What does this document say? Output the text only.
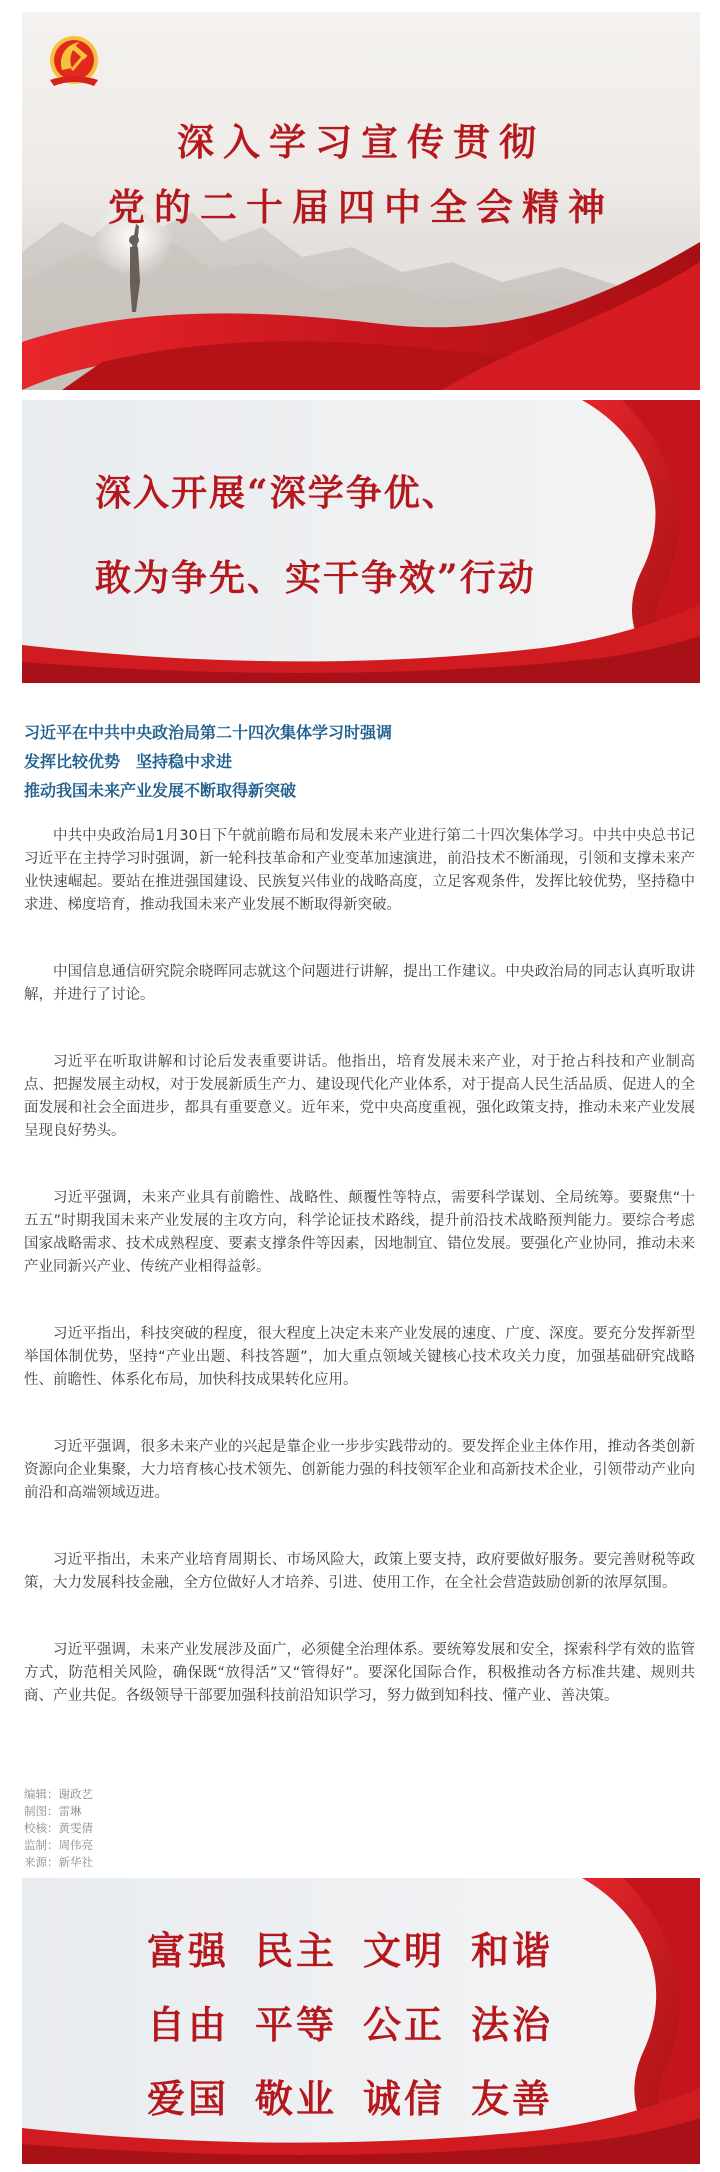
深入学习宣传贯彻
党的二十届四中全会精神
深入开展“深学争优、
敢为争先、实干争效”行动
习近平在中共中央政治局第二十四次集体学习时强调
发挥比较优势　坚持稳中求进
推动我国未来产业发展不断取得新突破

中共中央政治局1月30日下午就前瞻布局和发展未来产业进行第二十四次集体学习。中共中央总书记习近平在主持学习时强调，新一轮科技革命和产业变革加速演进，前沿技术不断涌现，引领和支撑未来产业快速崛起。要站在推进强国建设、民族复兴伟业的战略高度，立足客观条件，发挥比较优势，坚持稳中求进、梯度培育，推动我国未来产业发展不断取得新突破。

中国信息通信研究院余晓晖同志就这个问题进行讲解，提出工作建议。中央政治局的同志认真听取讲解，并进行了讨论。

习近平在听取讲解和讨论后发表重要讲话。他指出，培育发展未来产业，对于抢占科技和产业制高点、把握发展主动权，对于发展新质生产力、建设现代化产业体系，对于提高人民生活品质、促进人的全面发展和社会全面进步，都具有重要意义。近年来，党中央高度重视，强化政策支持，推动未来产业发展呈现良好势头。

习近平强调，未来产业具有前瞻性、战略性、颠覆性等特点，需要科学谋划、全局统筹。要聚焦“十五五”时期我国未来产业发展的主攻方向，科学论证技术路线，提升前沿技术战略预判能力。要综合考虑国家战略需求、技术成熟程度、要素支撑条件等因素，因地制宜、错位发展。要强化产业协同，推动未来产业同新兴产业、传统产业相得益彰。

习近平指出，科技突破的程度，很大程度上决定未来产业发展的速度、广度、深度。要充分发挥新型举国体制优势，坚持“产业出题、科技答题”，加大重点领域关键核心技术攻关力度，加强基础研究战略性、前瞻性、体系化布局，加快科技成果转化应用。

习近平强调，很多未来产业的兴起是靠企业一步步实践带动的。要发挥企业主体作用，推动各类创新资源向企业集聚，大力培育核心技术领先、创新能力强的科技领军企业和高新技术企业，引领带动产业向前沿和高端领域迈进。

习近平指出，未来产业培育周期长、市场风险大，政策上要支持，政府要做好服务。要完善财税等政策，大力发展科技金融，全方位做好人才培养、引进、使用工作，在全社会营造鼓励创新的浓厚氛围。

习近平强调，未来产业发展涉及面广，必须健全治理体系。要统筹发展和安全，探索科学有效的监管方式，防范相关风险，确保既“放得活”又“管得好”。要深化国际合作，积极推动各方标准共建、规则共商、产业共促。各级领导干部要加强科技前沿知识学习，努力做到知科技、懂产业、善决策。

编辑：谢政艺
制图：雷琳
校核：黄雯倩
监制：周伟亮
来源：新华社
富强 民主 文明 和谐
自由 平等 公正 法治
爱国 敬业 诚信 友善
